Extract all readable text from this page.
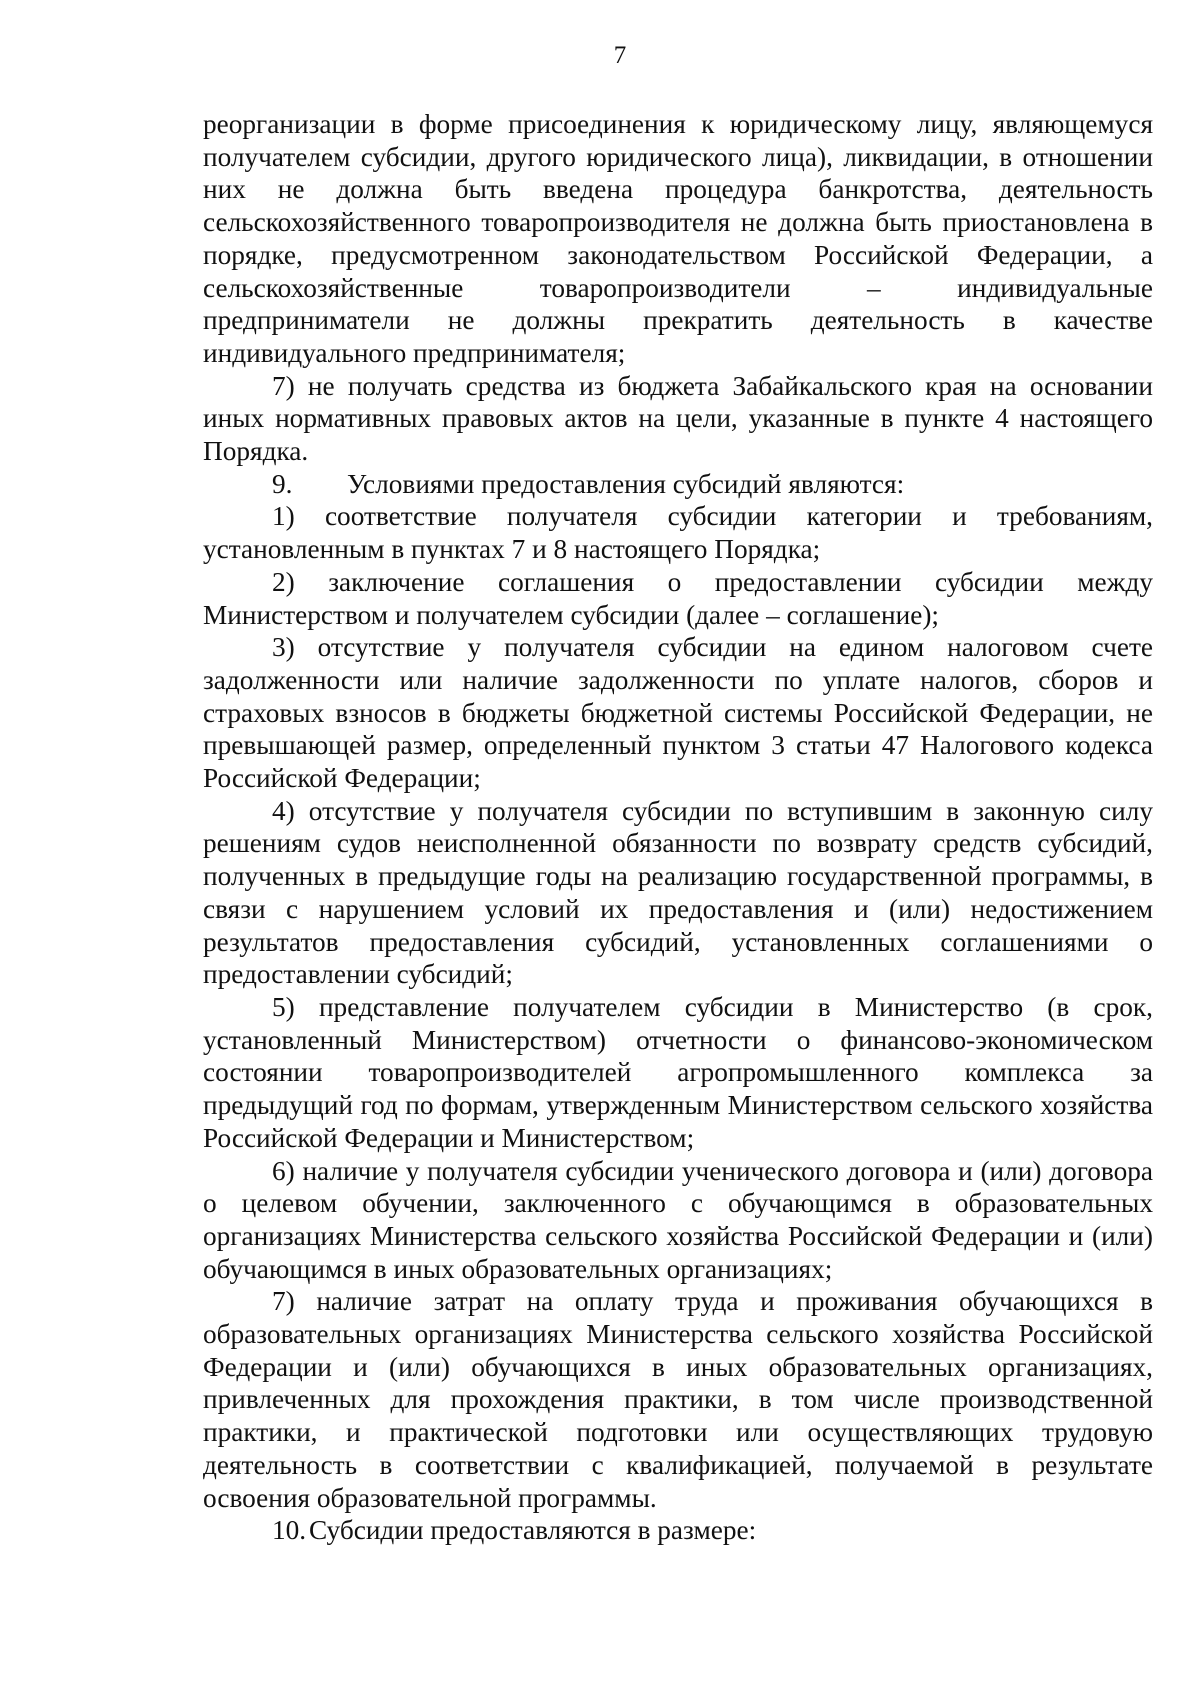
7

реорганизации в форме присоединения к юридическому лицу, являющемуся получателем субсидии, другого юридического лица), ликвидации, в отношении них не должна быть введена процедура банкротства, деятельность сельскохозяйственного товаропроизводителя не должна быть приостановлена в порядке, предусмотренном законодательством Российской Федерации, а сельскохозяйственные товаропроизводители – индивидуальные предприниматели не должны прекратить деятельность в качестве индивидуального предпринимателя;

7) не получать средства из бюджета Забайкальского края на основании иных нормативных правовых актов на цели, указанные в пункте 4 настоящего Порядка.

9. Условиями предоставления субсидий являются:

1) соответствие получателя субсидии категории и требованиям, установленным в пунктах 7 и 8 настоящего Порядка;

2) заключение соглашения о предоставлении субсидии между Министерством и получателем субсидии (далее – соглашение);

3) отсутствие у получателя субсидии на едином налоговом счете задолженности или наличие задолженности по уплате налогов, сборов и страховых взносов в бюджеты бюджетной системы Российской Федерации, не превышающей размер, определенный пунктом 3 статьи 47 Налогового кодекса Российской Федерации;

4) отсутствие у получателя субсидии по вступившим в законную силу решениям судов неисполненной обязанности по возврату средств субсидий, полученных в предыдущие годы на реализацию государственной программы, в связи с нарушением условий их предоставления и (или) недостижением результатов предоставления субсидий, установленных соглашениями о предоставлении субсидий;

5) представление получателем субсидии в Министерство (в срок, установленный Министерством) отчетности о финансово-экономическом состоянии товаропроизводителей агропромышленного комплекса за предыдущий год по формам, утвержденным Министерством сельского хозяйства Российской Федерации и Министерством;

6) наличие у получателя субсидии ученического договора и (или) договора о целевом обучении, заключенного с обучающимся в образовательных организациях Министерства сельского хозяйства Российской Федерации и (или) обучающимся в иных образовательных организациях;

7) наличие затрат на оплату труда и проживания обучающихся в образовательных организациях Министерства сельского хозяйства Российской Федерации и (или) обучающихся в иных образовательных организациях, привлеченных для прохождения практики, в том числе производственной практики, и практической подготовки или осуществляющих трудовую деятельность в соответствии с квалификацией, получаемой в результате освоения образовательной программы.

10. Субсидии предоставляются в размере:
